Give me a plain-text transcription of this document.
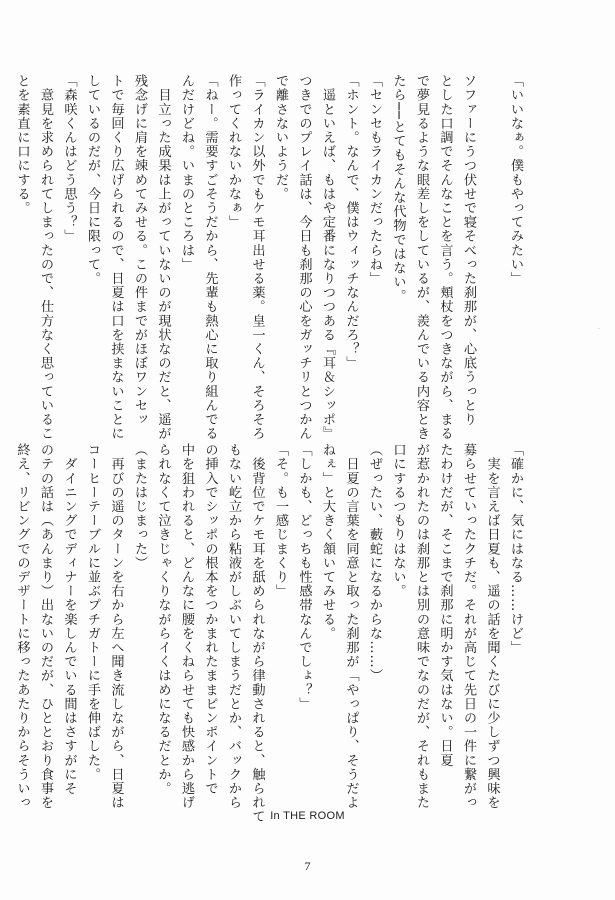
「いいなぁ。僕もやってみたい」

ソファーにうつ伏せで寝そべった刹那が、心底うっとり
とした口調でそんなことを言う。頬杖をつきながら、まる
で夢見るような眼差しをしているが、羨んでいる内容とき
たら──とてもそんな代物ではない。
「センセもライカンだったらね」
「ホント。なんで、僕はウィッチなんだろ？」
　遥といえば、もはや定番になりつつある『耳＆シッポ』
つきでのプレイ話は、今日も刹那の心をガッチリとつかん
で離さないようだ。
「ライカン以外でもケモ耳出せる薬。皇一くん、そろそろ
作ってくれないかなぁ」
「ねー。需要すごそうだから、先輩も熱心に取り組んでる
んだけどね。いまのところは」
　目立った成果は上がっていないのが現状なのだと、遥が
残念げに肩を竦めてみせる。この件までがほぼワンセッ
トで毎回くり広げられるので、日夏は口を挟まないことに
しているのだが、今日に限って。
「森咲くんはどう思う？」
　意見を求められてしまったので、仕方なく思っているこ
とを素直に口にする。
「確かに、気にはなる……けど」
　実を言えば日夏も、遥の話を聞くたびに少しずつ興味を
募らせていったクチだ。それが高じて先日の一件に繋がっ
たわけだが、そこまで刹那に明かす気はない。日夏
が惹かれたのは刹那とは別の意味でなのだが、それもまた
口にするつもりはない。
（ぜったい、藪蛇になるからな……）
　日夏の言葉を同意と取った刹那が「やっぱり、そうだよ
ねぇ」と大きく頷いてみせる。
「しかも、どっちも性感帯なんでしょ？」
「そ。も一感じまくり」
　後背位でケモ耳を舐められながら律動されると、触られて
もない屹立から粘液がしぶいてしまうだとか、バックから
の挿入でシッポの根本をつかまれたままピンポイントで
中を狙われると、どんなに腰をくねらせても快感から逃げ
られなくて泣きじゃくりながらイくはめになるだとか。
（またはじまった）
　再びの遥のターンを右から左へ聞き流しながら、日夏は
コーヒーテーブルに並ぶプチガトーに手を伸ばした。
　ダイニングでディナーを楽しんでいる間はさすがにそ
のテの話は（あんまり）出ないのだが、ひととおり食事を
終え、リビングでのデザートに移ったあたりからそういっ
In THE ROOM
7
·
